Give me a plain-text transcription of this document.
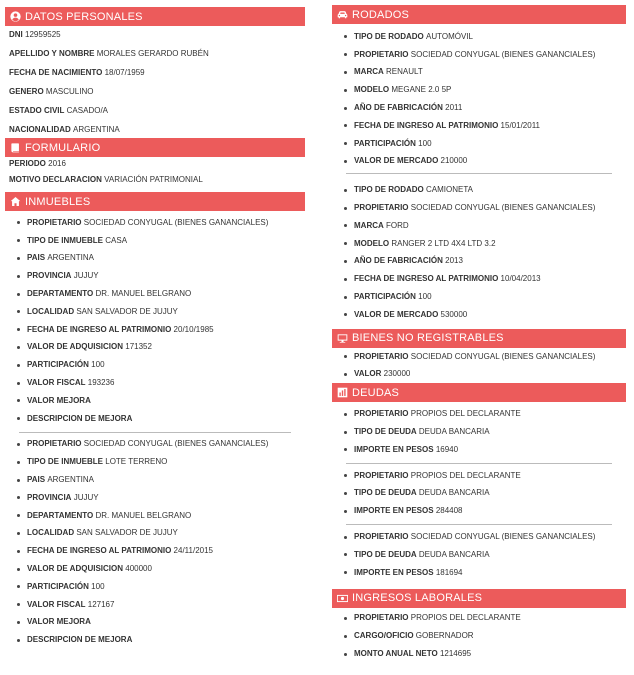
DATOS PERSONALES
DNI
12959525
APELLIDO Y NOMBRE
MORALES GERARDO RUBÉN
FECHA DE NACIMIENTO
18/07/1959
GENERO
MASCULINO
ESTADO CIVIL
CASADO/A
NACIONALIDAD
ARGENTINA
FORMULARIO
PERIODO
2016
MOTIVO DECLARACION
VARIACIÓN PATRIMONIAL
INMUEBLES
PROPIETARIO
SOCIEDAD CONYUGAL (BIENES GANANCIALES)
TIPO DE INMUEBLE
CASA
PAIS
ARGENTINA
PROVINCIA
JUJUY
DEPARTAMENTO
DR. MANUEL BELGRANO
LOCALIDAD
SAN SALVADOR DE JUJUY
FECHA DE INGRESO AL PATRIMONIO
20/10/1985
VALOR DE ADQUISICION
171352
PARTICIPACIÓN
100
VALOR FISCAL
193236
VALOR MEJORA

DESCRIPCION DE MEJORA

PROPIETARIO
SOCIEDAD CONYUGAL (BIENES GANANCIALES)
TIPO DE INMUEBLE
LOTE TERRENO
PAIS
ARGENTINA
PROVINCIA
JUJUY
DEPARTAMENTO
DR. MANUEL BELGRANO
LOCALIDAD
SAN SALVADOR DE JUJUY
FECHA DE INGRESO AL PATRIMONIO
24/11/2015
VALOR DE ADQUISICION
400000
PARTICIPACIÓN
100
VALOR FISCAL
127167
VALOR MEJORA

DESCRIPCION DE MEJORA

RODADOS
TIPO DE RODADO
AUTOMÓVIL
PROPIETARIO
SOCIEDAD CONYUGAL (BIENES GANANCIALES)
MARCA
RENAULT
MODELO
MEGANE 2.0 5P
AÑO DE FABRICACIÓN
2011
FECHA DE INGRESO AL PATRIMONIO
15/01/2011
PARTICIPACIÓN
100
VALOR DE MERCADO
210000
TIPO DE RODADO
CAMIONETA
PROPIETARIO
SOCIEDAD CONYUGAL (BIENES GANANCIALES)
MARCA
FORD
MODELO
RANGER 2 LTD 4X4 LTD 3.2
AÑO DE FABRICACIÓN
2013
FECHA DE INGRESO AL PATRIMONIO
10/04/2013
PARTICIPACIÓN
100
VALOR DE MERCADO
530000
BIENES NO REGISTRABLES
PROPIETARIO
SOCIEDAD CONYUGAL (BIENES GANANCIALES)
VALOR
230000
DEUDAS
PROPIETARIO
PROPIOS DEL DECLARANTE
TIPO DE DEUDA
DEUDA BANCARIA
IMPORTE EN PESOS
16940
PROPIETARIO
PROPIOS DEL DECLARANTE
TIPO DE DEUDA
DEUDA BANCARIA
IMPORTE EN PESOS
284408
PROPIETARIO
SOCIEDAD CONYUGAL (BIENES GANANCIALES)
TIPO DE DEUDA
DEUDA BANCARIA
IMPORTE EN PESOS
181694
INGRESOS LABORALES
PROPIETARIO
PROPIOS DEL DECLARANTE
CARGO/OFICIO
GOBERNADOR
MONTO ANUAL NETO
1214695
